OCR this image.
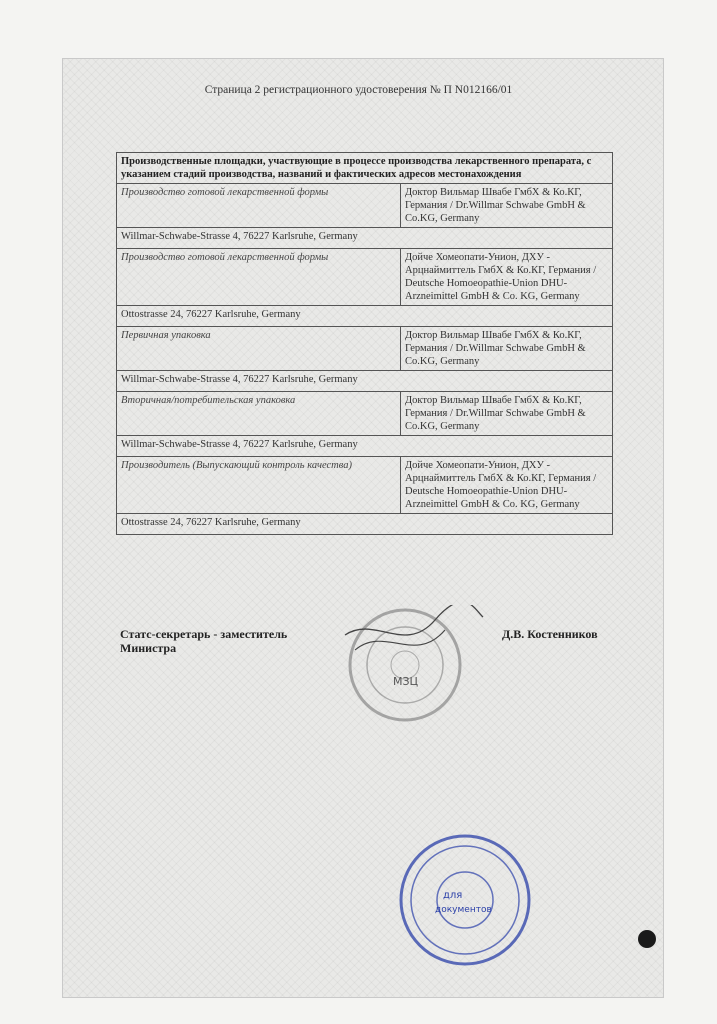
Страница 2 регистрационного удостоверения № П N012166/01
Производственные площадки, участвующие в процессе производства лекарственного препарата, с указанием стадий производства, названий и фактических адресов местонахождения	
Производство готовой лекарственной формы	Доктор Вильмар Швабе ГмбХ & Ко.КГ, Германия / Dr.Willmar Schwabe GmbH & Co.KG, Germany
Willmar-Schwabe-Strasse 4, 76227 Karlsruhe, Germany	
Производство готовой лекарственной формы	Дойче Хомеопати-Унион, ДХУ - Арцнаймиттель ГмбХ & Ко.КГ, Германия / Deutsche Homoeopathie-Union DHU-Arzneimittel GmbH & Co. KG, Germany
Ottostrasse 24, 76227 Karlsruhe, Germany	
Первичная упаковка	Доктор Вильмар Швабе ГмбХ & Ко.КГ, Германия / Dr.Willmar Schwabe GmbH & Co.KG, Germany
Willmar-Schwabe-Strasse 4, 76227 Karlsruhe, Germany	
Вторичная/потребительская упаковка	Доктор Вильмар Швабе ГмбХ & Ко.КГ, Германия / Dr.Willmar Schwabe GmbH & Co.KG, Germany
Willmar-Schwabe-Strasse 4, 76227 Karlsruhe, Germany	
Производитель (Выпускающий контроль качества)	Дойче Хомеопати-Унион, ДХУ - Арцнаймиттель ГмбХ & Ко.КГ, Германия / Deutsche Homoeopathie-Union DHU-Arzneimittel GmbH & Co. KG, Germany
Ottostrasse 24, 76227 Karlsruhe, Germany	
Статс-секретарь - заместитель
Министра
Д.В. Костенников
МЗЦ
для
документов
